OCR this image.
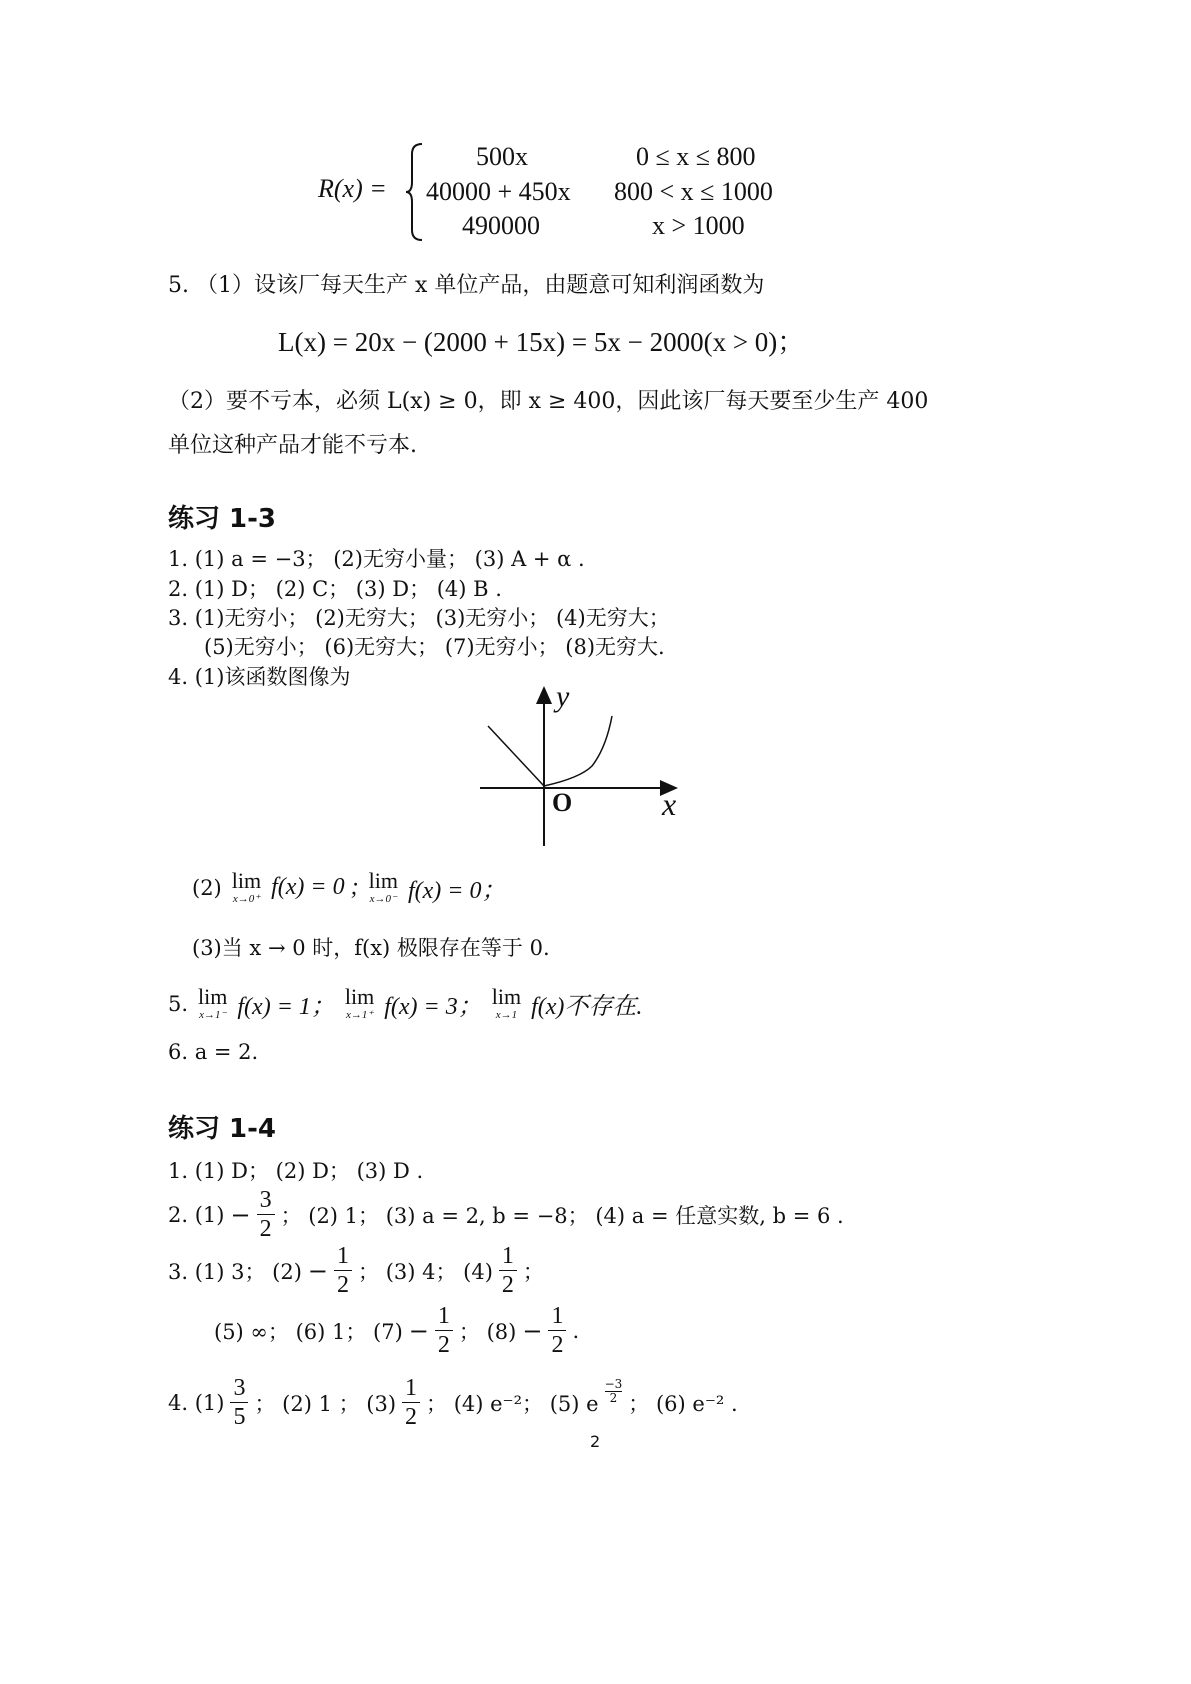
R(x) =
500x	0 ≤ x ≤ 800
40000 + 450x 800 < x ≤ 1000
490000	x > 1000
5. （1）设该厂每天生产 x 单位产品，由题意可知利润函数为
L(x) = 20x − (2000 + 15x) = 5x − 2000(x > 0)；
（2）要不亏本，必须 L(x) ≥ 0，即 x ≥ 400，因此该厂每天要至少生产 400
单位这种产品才能不亏本.
练习 1-3
1. (1) a = −3； (2)无穷小量； (3) A + α .
2. (1) D； (2) C； (3) D； (4) B .
3. (1)无穷小； (2)无穷大； (3)无穷小； (4)无穷大；
(5)无穷小； (6)无穷大； (7)无穷小； (8)无穷大.
4. (1)该函数图像为
y
x
O
(2) lim
x→0⁺ f(x) = 0 ; lim
x→0⁻ f(x) = 0；
(3)当 x → 0 时，f(x) 极限存在等于 0.
5. lim
x→1⁻ f(x) = 1； lim
x→1⁺ f(x) = 3； lim
x→1 f(x)不存在.
6. a = 2.
练习 1-4
1. (1) D； (2) D； (3) D .
2. $(1) - \frac{3}{2}$ ； (2) 1； (3) a = 2, b = −8； (4) a = 任意实数, b = 6 .
3. (1) 3； $(2) - \frac{1}{2}$ ； (3) 4； $(4) \frac{1}{2}$ ；
(5) ∞； (6) 1； $(7) - \frac{1}{2}$ ； $(8) - \frac{1}{2}$ .
4. $(1) \frac{3}{5}$ ； (2) 1 ； $(3) \frac{1}{2}$ ； (4) e⁻²； (5) e
−3
2 ； (6) e⁻² .
2
